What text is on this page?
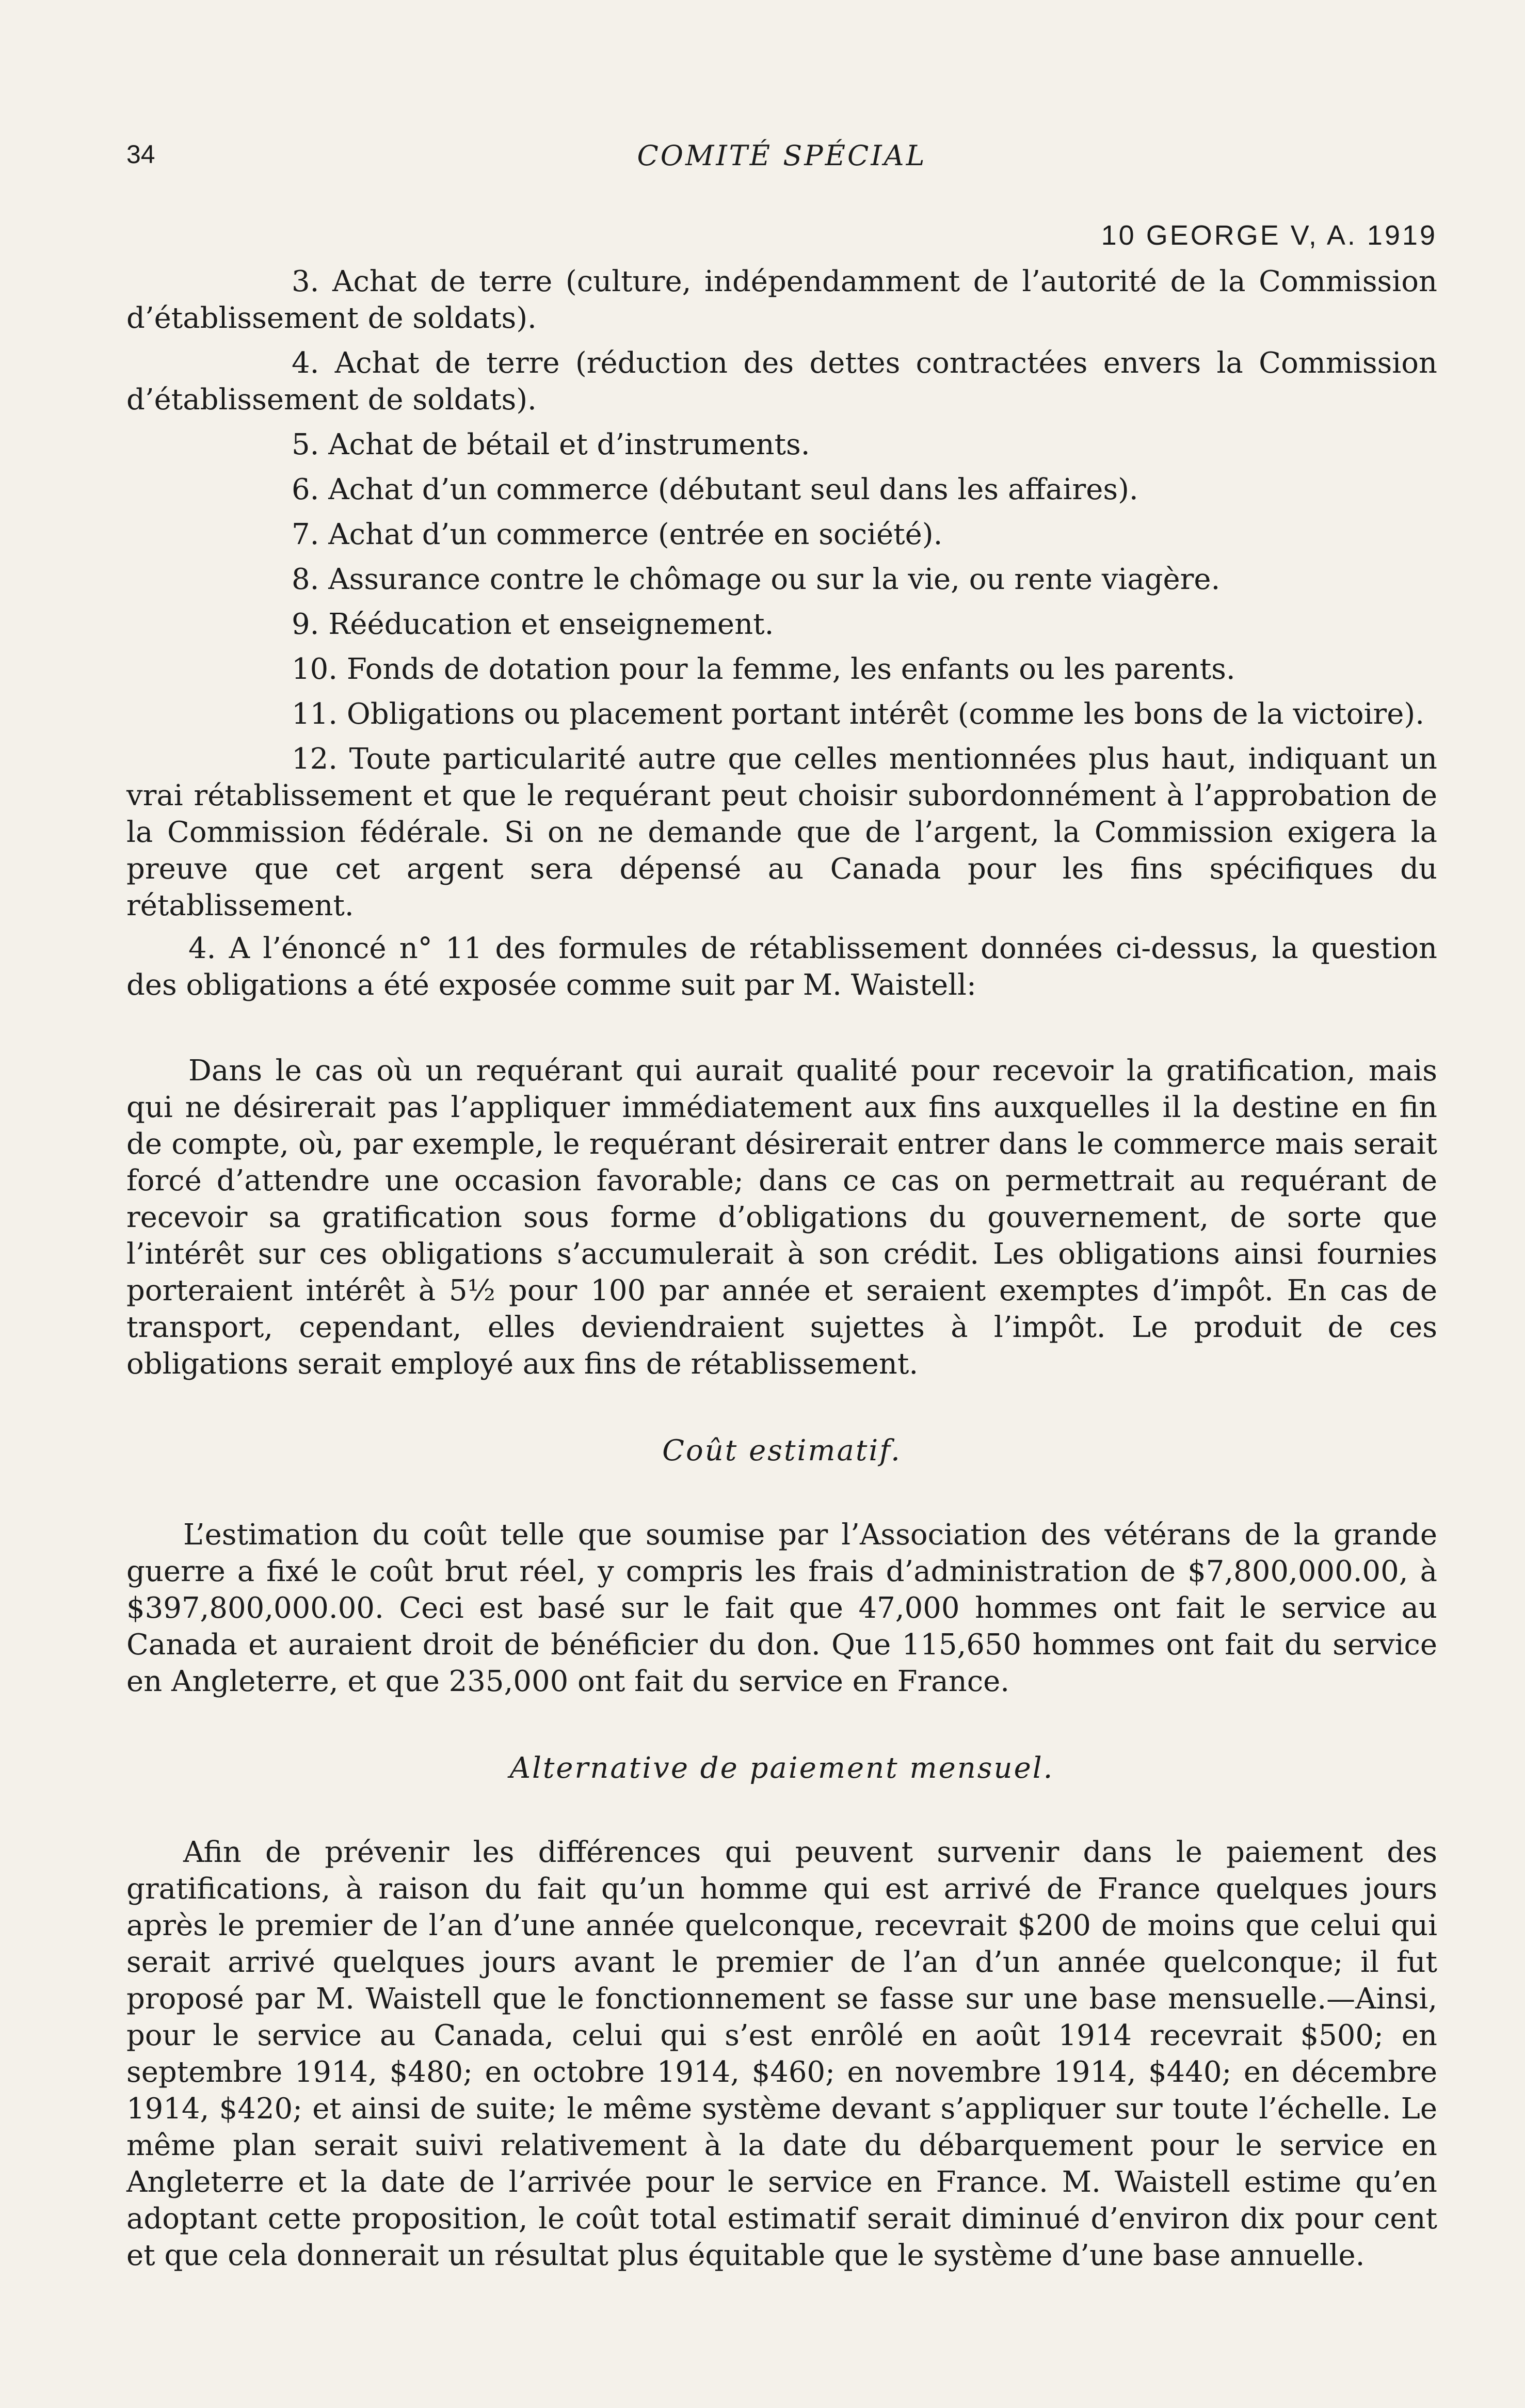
34	COMITÉ SPÉCIAL
10 GEORGE V, A. 1919

3. Achat de terre (culture, indépendamment de l’autorité de la Commission d’établissement de soldats).

4. Achat de terre (réduction des dettes contractées envers la Commission d’établissement de soldats).

5. Achat de bétail et d’instruments.

6. Achat d’un commerce (débutant seul dans les affaires).

7. Achat d’un commerce (entrée en société).

8. Assurance contre le chômage ou sur la vie, ou rente viagère.

9. Rééducation et enseignement.

10. Fonds de dotation pour la femme, les enfants ou les parents.

11. Obligations ou placement portant intérêt (comme les bons de la victoire).

12. Toute particularité autre que celles mentionnées plus haut, indiquant un vrai rétablissement et que le requérant peut choisir subordonnément à l’approbation de la Commission fédérale. Si on ne demande que de l’argent, la Commission exigera la preuve que cet argent sera dépensé au Canada pour les fins spécifiques du rétablissement.

4. A l’énoncé n° 11 des formules de rétablissement données ci-dessus, la question des obligations a été exposée comme suit par M. Waistell:

Dans le cas où un requérant qui aurait qualité pour recevoir la gratification, mais qui ne désirerait pas l’appliquer immédiatement aux fins auxquelles il la destine en fin de compte, où, par exemple, le requérant désirerait entrer dans le commerce mais serait forcé d’attendre une occasion favorable; dans ce cas on permettrait au requérant de recevoir sa gratification sous forme d’obligations du gouvernement, de sorte que l’intérêt sur ces obligations s’accumulerait à son crédit. Les obligations ainsi fournies porteraient intérêt à 5½ pour 100 par année et seraient exemptes d’impôt. En cas de transport, cependant, elles deviendraient sujettes à l’impôt. Le produit de ces obligations serait employé aux fins de rétablissement.

Coût estimatif.

L’estimation du coût telle que soumise par l’Association des vétérans de la grande guerre a fixé le coût brut réel, y compris les frais d’administration de $7,800,000.00, à $397,800,000.00. Ceci est basé sur le fait que 47,000 hommes ont fait le service au Canada et auraient droit de bénéficier du don. Que 115,650 hommes ont fait du service en Angleterre, et que 235,000 ont fait du service en France.

Alternative de paiement mensuel.

Afin de prévenir les différences qui peuvent survenir dans le paiement des gratifications, à raison du fait qu’un homme qui est arrivé de France quelques jours après le premier de l’an d’une année quelconque, recevrait $200 de moins que celui qui serait arrivé quelques jours avant le premier de l’an d’un année quelconque; il fut proposé par M. Waistell que le fonctionnement se fasse sur une base mensuelle.—Ainsi, pour le service au Canada, celui qui s’est enrôlé en août 1914 recevrait $500; en septembre 1914, $480; en octobre 1914, $460; en novembre 1914, $440; en décembre 1914, $420; et ainsi de suite; le même système devant s’appliquer sur toute l’échelle. Le même plan serait suivi relativement à la date du débarquement pour le service en Angleterre et la date de l’arrivée pour le service en France. M. Waistell estime qu’en adoptant cette proposition, le coût total estimatif serait diminué d’environ dix pour cent et que cela donnerait un résultat plus équitable que le système d’une base annuelle.
